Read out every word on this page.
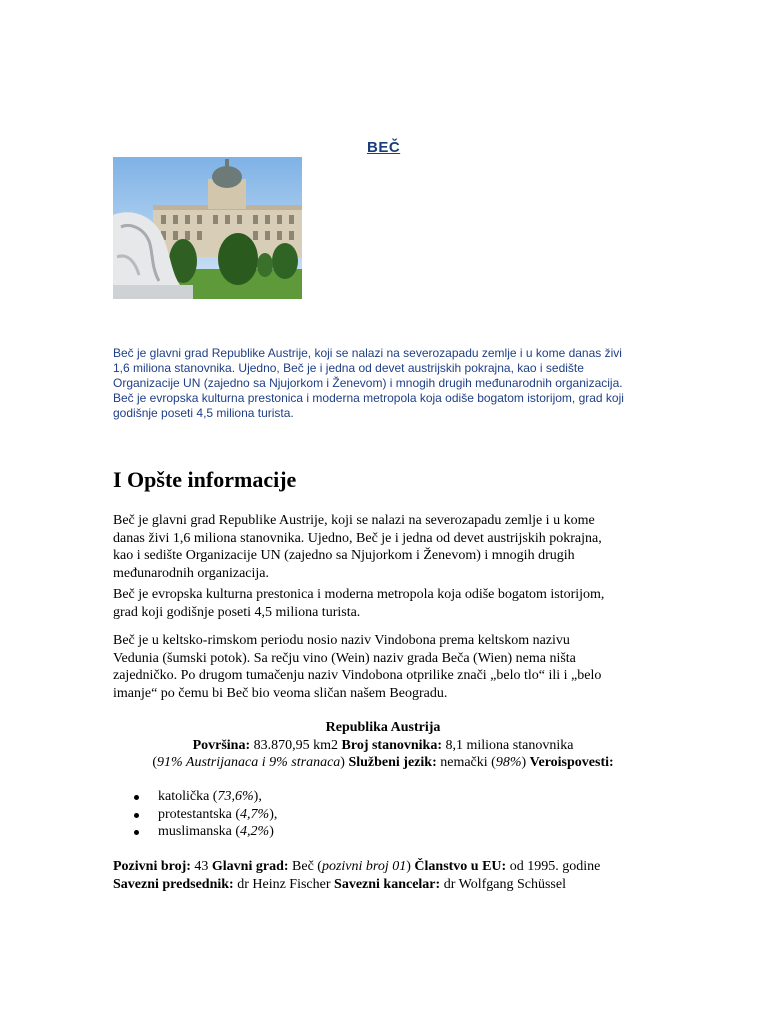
BEČ

Beč je glavni grad Republike Austrije, koji se nalazi na severozapadu zemlje i u kome danas živi
1,6 miliona stanovnika. Ujedno, Beč je i jedna od devet austrijskih pokrajna, kao i sedište
Organizacije UN (zajedno sa Njujorkom i Ženevom) i mnogih drugih međunarodnih organizacija.
Beč je evropska kulturna prestonica i moderna metropola koja odiše bogatom istorijom, grad koji
godišnje poseti 4,5 miliona turista.

I Opšte informacije

Beč je glavni grad Republike Austrije, koji se nalazi na severozapadu zemlje i u kome
danas živi 1,6 miliona stanovnika. Ujedno, Beč je i jedna od devet austrijskih pokrajna,
kao i sedište Organizacije UN (zajedno sa Njujorkom i Ženevom) i mnogih drugih
međunarodnih organizacija.

Beč je evropska kulturna prestonica i moderna metropola koja odiše bogatom istorijom,
grad koji godišnje poseti 4,5 miliona turista.

Beč je u keltsko-rimskom periodu nosio naziv Vindobona prema keltskom nazivu
Vedunia (šumski potok). Sa rečju vino (Wein) naziv grada Beča (Wien) nema ništa
zajedničko. Po drugom tumačenju naziv Vindobona otprilike znači „belo tlo“ ili i „belo
imanje“ po čemu bi Beč bio veoma sličan našem Beogradu.

Republika Austrija
Površina: 83.870,95 km2 Broj stanovnika: 8,1 miliona stanovnika
(91% Austrijanaca i 9% stranaca) Službeni jezik: nemački (98%) Veroispovesti:
katolička (73,6%),
protestantska (4,7%),
muslimanska (4,2%)

Pozivni broj: 43 Glavni grad: Beč (pozivni broj 01) Članstvo u EU: od 1995. godine
Savezni predsednik: dr Heinz Fischer Savezni kancelar: dr Wolfgang Schüssel
